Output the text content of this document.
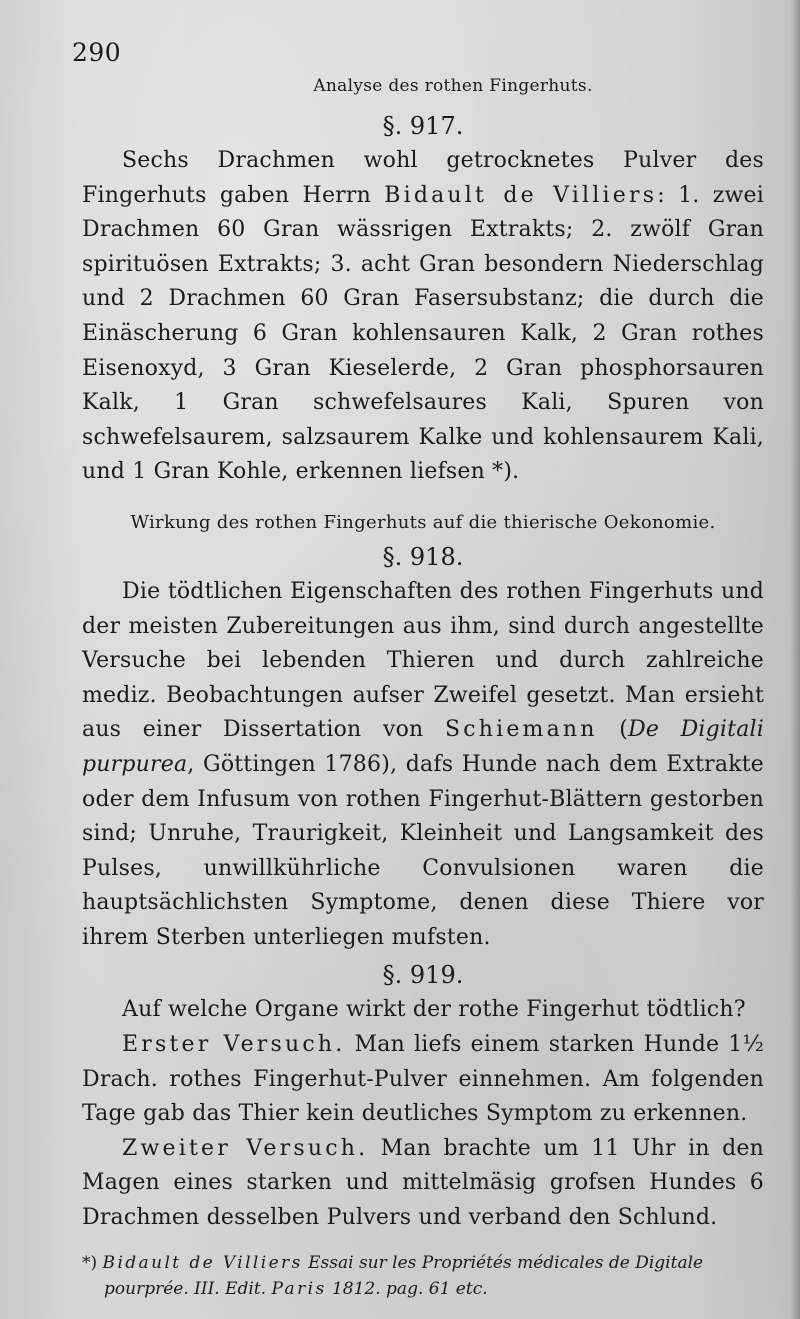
290
Analyse des rothen Fingerhuts.
§. 917.

Sechs Drachmen wohl getrocknetes Pulver des Fingerhuts gaben Herrn Bidault de Villiers: 1. zwei Drachmen 60 Gran wässrigen Extrakts; 2. zwölf Gran spirituösen Extrakts; 3. acht Gran besondern Niederschlag und 2 Drachmen 60 Gran Fasersubstanz; die durch die Einäscherung 6 Gran kohlensauren Kalk, 2 Gran rothes Eisenoxyd, 3 Gran Kieselerde, 2 Gran phosphorsauren Kalk, 1 Gran schwefelsaures Kali, Spuren von schwefelsaurem, salzsaurem Kalke und kohlensaurem Kali, und 1 Gran Kohle, erkennen liefsen *).

Wirkung des rothen Fingerhuts auf die thierische Oekonomie.
§. 918.

Die tödtlichen Eigenschaften des rothen Fingerhuts und der meisten Zubereitungen aus ihm, sind durch angestellte Versuche bei lebenden Thieren und durch zahlreiche mediz. Beobachtungen aufser Zweifel gesetzt. Man ersieht aus einer Dissertation von Schiemann (De Digitali purpurea, Göttingen 1786), dafs Hunde nach dem Extrakte oder dem Infusum von rothen Fingerhut-Blättern gestorben sind; Unruhe, Traurigkeit, Kleinheit und Langsamkeit des Pulses, unwillkührliche Convulsionen waren die hauptsächlichsten Symptome, denen diese Thiere vor ihrem Sterben unterliegen mufsten.

§. 919.

Auf welche Organe wirkt der rothe Fingerhut tödtlich?

Erster Versuch. Man liefs einem starken Hunde 1½ Drach. rothes Fingerhut-Pulver einnehmen. Am folgenden Tage gab das Thier kein deutliches Symptom zu erkennen.

Zweiter Versuch. Man brachte um 11 Uhr in den Magen eines starken und mittelmäsig grofsen Hundes 6 Drachmen desselben Pulvers und verband den Schlund.

*) Bidault de Villiers Essai sur les Propriétés médicales de Digitale pourprée. III. Edit. Paris 1812. pag. 61 etc.
